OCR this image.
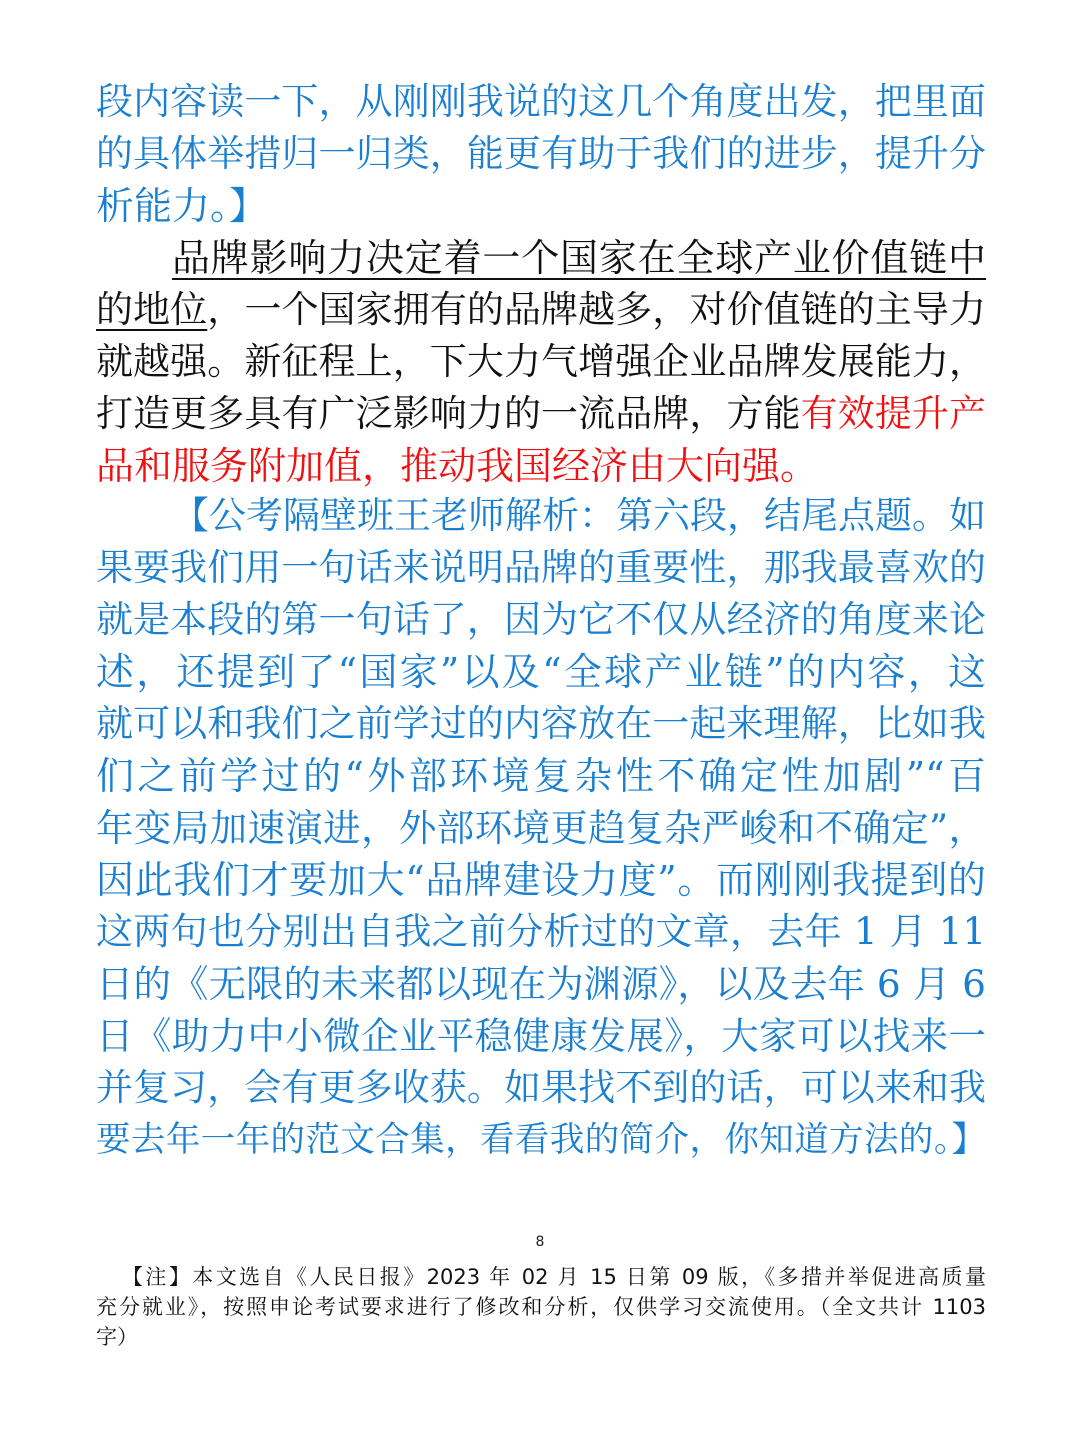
段内容读一下，从刚刚我说的这几个角度出发，把里面
的具体举措归一归类，能更有助于我们的进步，提升分
析能力。】
品牌影响力决定着一个国家在全球产业价值链中
的地位，一个国家拥有的品牌越多，对价值链的主导力
就越强。新征程上，下大力气增强企业品牌发展能力，
打造更多具有广泛影响力的一流品牌，方能有效提升产
品和服务附加值，推动我国经济由大向强。
【公考隔壁班王老师解析：第六段，结尾点题。如
果要我们用一句话来说明品牌的重要性，那我最喜欢的
就是本段的第一句话了，因为它不仅从经济的角度来论
述，还提到了“国家”以及“全球产业链”的内容，这
就可以和我们之前学过的内容放在一起来理解，比如我
们之前学过的“外部环境复杂性不确定性加剧”“百
年变局加速演进，外部环境更趋复杂严峻和不确定”，
因此我们才要加大“品牌建设力度”。而刚刚我提到的
这两句也分别出自我之前分析过的文章，去年 1 月 11
日的《无限的未来都以现在为渊源》，以及去年 6 月 6
日《助力中小微企业平稳健康发展》，大家可以找来一
并复习，会有更多收获。如果找不到的话，可以来和我
要去年一年的范文合集，看看我的简介，你知道方法的。】
8
【注】本文选自《人民日报》2023 年 02 月 15 日第 09 版，《多措并举促进高质量
充分就业》，按照申论考试要求进行了修改和分析，仅供学习交流使用。（全文共计 1103
字）
